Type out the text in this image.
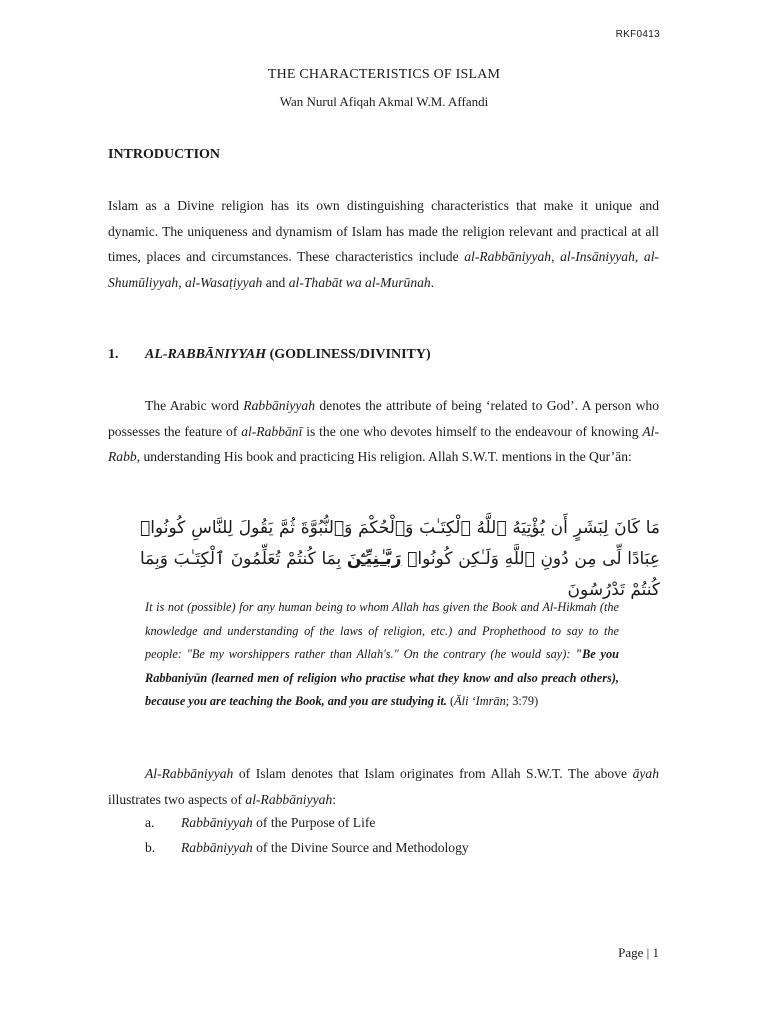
RKF0413
THE CHARACTERISTICS OF ISLAM
Wan Nurul Afiqah Akmal W.M. Affandi
INTRODUCTION
Islam as a Divine religion has its own distinguishing characteristics that make it unique and dynamic. The uniqueness and dynamism of Islam has made the religion relevant and practical at all times, places and circumstances. These characteristics include al-Rabbāniyyah, al-Insāniyyah, al-Shumūliyyah, al-Wasaṭiyyah and al-Thabāt wa al-Murūnah.
1. AL-RABBĀNIYYAH (GODLINESS/DIVINITY)
The Arabic word Rabbāniyyah denotes the attribute of being ‘related to God’. A person who possesses the feature of al-Rabbānī is the one who devotes himself to the endeavour of knowing Al-Rabb, understanding His book and practicing His religion. Allah S.W.T. mentions in the Qur’ān:
مَا كَانَ لِبَشَرٍ أَن يُؤْتِيَهُ ٱللَّهُ ٱلْكِتَـٰبَ وَٱلْحُكْمَ وَٱلنُّبُوَّةَ ثُمَّ يَقُولَ لِلنَّاسِ كُونُوا۟ عِبَادًا لِّى مِن دُونِ ٱللَّهِ وَلَـٰكِن كُونُوا۟ رَبَّـٰنِيِّـۧنَ بِمَا كُنتُمْ تُعَلِّمُونَ ٱلْكِتَـٰبَ وَبِمَا كُنتُمْ تَدْرُسُونَ
It is not (possible) for any human being to whom Allah has given the Book and Al-Hikmah (the knowledge and understanding of the laws of religion, etc.) and Prophethood to say to the people: "Be my worshippers rather than Allah's." On the contrary (he would say): "Be you Rabbaniyūn (learned men of religion who practise what they know and also preach others), because you are teaching the Book, and you are studying it. (Āli ʻImrān; 3:79)
Al-Rabbāniyyah of Islam denotes that Islam originates from Allah S.W.T. The above āyah illustrates two aspects of al-Rabbāniyyah:
a. Rabbāniyyah of the Purpose of Life
b. Rabbāniyyah of the Divine Source and Methodology
Page | 1
